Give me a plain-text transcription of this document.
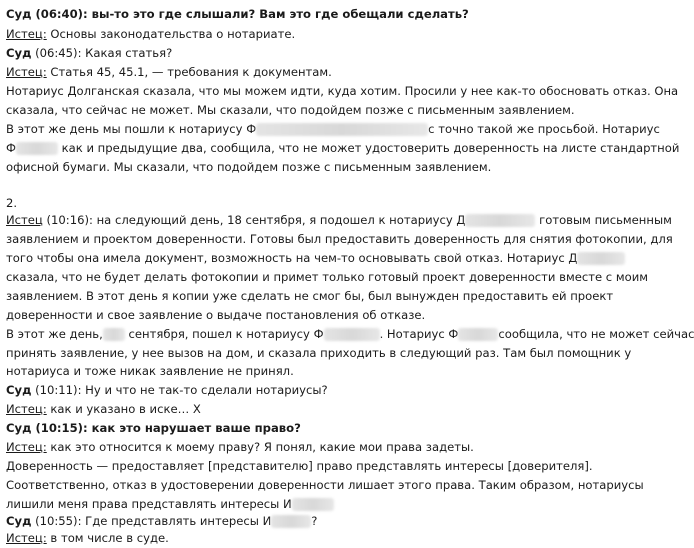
Суд (06:40): вы-то это где слышали? Вам это где обещали сделать?
Истец: Основы законодательства о нотариате.
Суд (06:45): Какая статья?
Истец: Статья 45, 45.1, — требования к документам.
Нотариус Долганская сказала, что мы можем идти, куда хотим. Просили у нее как-то обосновать отказ. Она
сказала, что сейчас не может. Мы сказали, что подойдем позже с письменным заявлением.
В этот же день мы пошли к нотариусу Ф	с точно такой же просьбой. Нотариус
Ф	как и предыдущие два, сообщила, что не может удостоверить доверенность на листе стандартной
офисной бумаги. Мы сказали, что подойдем позже с письменным заявлением.
2.
Истец (10:16): на следующий день, 18 сентября, я подошел к нотариусу Д	готовым письменным
заявлением и проектом доверенности. Готовы был предоставить доверенность для снятия фотокопии, для
того чтобы она имела документ, возможность на чем-то основывать свой отказ. Нотариус Д
сказала, что не будет делать фотокопии и примет только готовый проект доверенности вместе с моим
заявлением. В этот день я копии уже сделать не смог бы, был вынужден предоставить ей проект
доверенности и свое заявление о выдаче постановления об отказе.
В этот же день, сентября, пошел к нотариусу Ф	. Нотариус Ф	сообщила, что не может сейчас
принять заявление, у нее вызов на дом, и сказала приходить в следующий раз. Там был помощник у
нотариуса и тоже никак заявление не принял.
Суд (10:11): Ну и что не так-то сделали нотариусы?
Истец: как и указано в иске… Х
Суд (10:15): как это нарушает ваше право?
Истец: как это относится к моему праву? Я понял, какие мои права задеты.
Доверенность — предоставляет [представителю] право представлять интересы [доверителя].
Соответственно, отказ в удостоверении доверенности лишает этого права. Таким образом, нотариусы
лишили меня права представлять интересы И
Суд (10:55): Где представлять интересы И	?
Истец: в том числе в суде.
